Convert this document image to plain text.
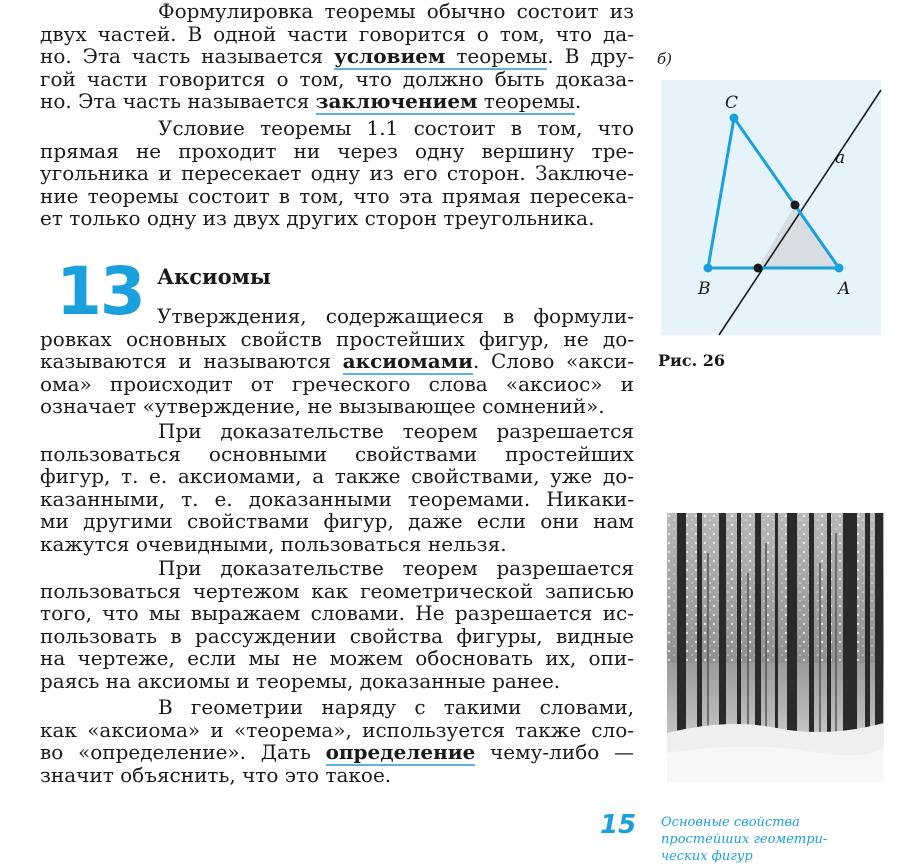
Формулировка теоремы обычно состоит из
двух частей. В одной части говорится о том, что да-
но. Эта часть называется условием теоремы. В дру-
гой части говорится о том, что должно быть доказа-
но. Эта часть называется заключением теоремы.
Условие теоремы 1.1 состоит в том, что
прямая не проходит ни через одну вершину тре-
угольника и пересекает одну из его сторон. Заключе-
ние теоремы состоит в том, что эта прямая пересека-
ет только одну из двух других сторон треугольника.
13 Аксиомы
Утверждения, содержащиеся в формули-
ровках основных свойств простейших фигур, не до-
казываются и называются аксиомами. Слово «акси-
ома» происходит от греческого слова «аксиос» и
означает «утверждение, не вызывающее сомнений».
При доказательстве теорем разрешается
пользоваться основными свойствами простейших
фигур, т. е. аксиомами, а также свойствами, уже до-
казанными, т. е. доказанными теоремами. Никаки-
ми другими свойствами фигур, даже если они нам
кажутся очевидными, пользоваться нельзя.
При доказательстве теорем разрешается
пользоваться чертежом как геометрической записью
того, что мы выражаем словами. Не разрешается ис-
пользовать в рассуждении свойства фигуры, видные
на чертеже, если мы не можем обосновать их, опи-
раясь на аксиомы и теоремы, доказанные ранее.
В геометрии наряду с такими словами,
как «аксиома» и «теорема», используется также сло-
во «определение». Дать определение чему-либо —
значит объяснить, что это такое.
б)
C
B	A
a
Рис. 26
15 Основные свойства
простейших геометри-
ческих фигур
